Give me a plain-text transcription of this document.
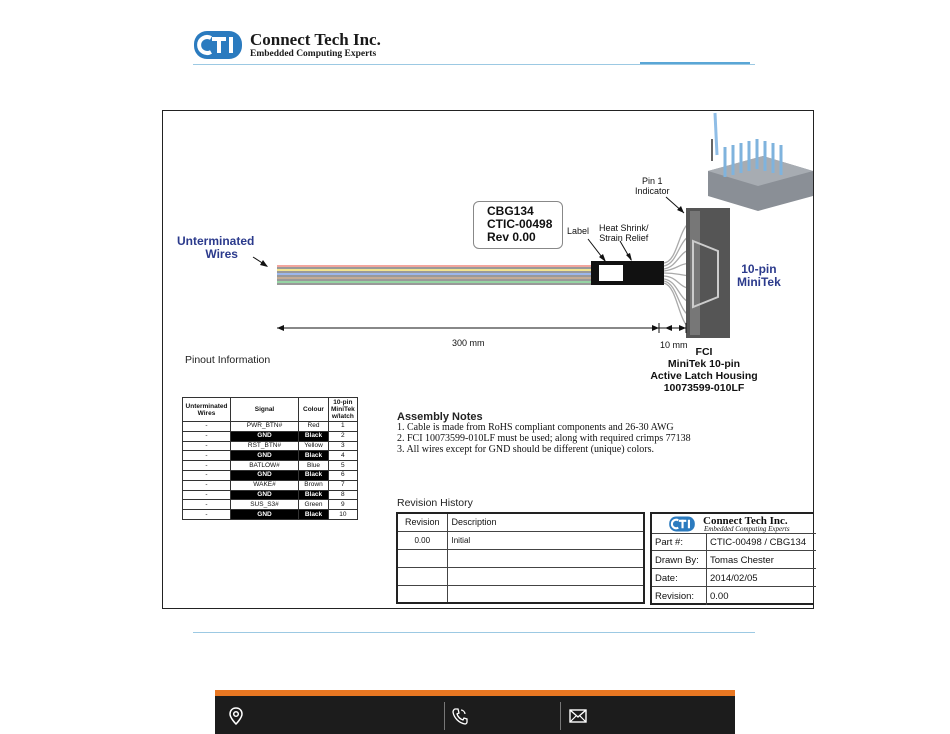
Connect Tech Inc.
Embedded Computing Experts
Unterminated
Wires
CBG134
CTIC-00498
Rev 0.00	Label Heat Shrink/
Strain Relief
Pin 1
Indicator
10-pin
MiniTek
300 mm	10 mm
FCI
MiniTek 10-pin
Active Latch Housing
10073599-010LF
Pinout Information
Unterminated Wires	Signal	Colour	10-pin MiniTek w/latch
-	PWR_BTN#	Red	1
-	GND	Black	2
-	RST_BTN#	Yellow	3
-	GND	Black	4
-	BATLOW#	Blue	5
-	GND	Black	6
-	WAKE#	Brown	7
-	GND	Black	8
-	SUS_S3#	Green	9
-	GND	Black	10
Assembly Notes
1. Cable is made from RoHS compliant components and 26-30 AWG
2. FCI 10073599-010LF must be used; along with required crimps 77138
3. All wires except for GND should be different (unique) colors.
Revision History
Revision	Description
0.00	Initial

Connect Tech Inc.
Embedded Computing Experts
Part #:	CTIC-00498 / CBG134
Drawn By: Tomas Chester
Date:	2014/02/05
Revision: 0.00
